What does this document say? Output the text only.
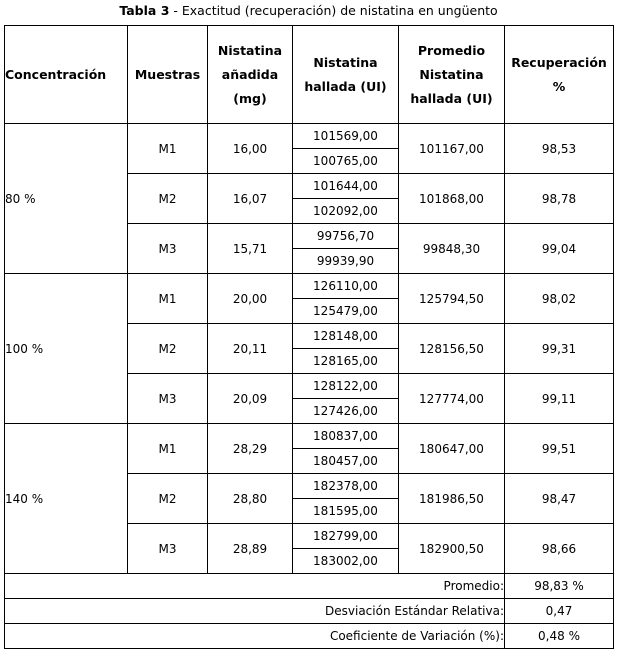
Tabla 3 - Exactitud (recuperación) de nistatina en ungüento
Concentración	Muestras	Nistatina añadida (mg)	Nistatina hallada (UI)	Promedio Nistatina hallada (UI)	Recuperación %
80 %	M1	16,00	101569,00	101167,00	98,53
			100765,00		
	M2	16,07	101644,00	101868,00	98,78
			102092,00		
	M3	15,71	99756,70	99848,30	99,04
			99939,90		
100 %	M1	20,00	126110,00	125794,50	98,02
			125479,00		
	M2	20,11	128148,00	128156,50	99,31
			128165,00		
	M3	20,09	128122,00	127774,00	99,11
			127426,00		
140 %	M1	28,29	180837,00	180647,00	99,51
			180457,00		
	M2	28,80	182378,00	181986,50	98,47
			181595,00		
	M3	28,89	182799,00	182900,50	98,66
			183002,00		
Promedio:					98,83 %
Desviación Estándar Relativa:					0,47
Coeficiente de Variación (%):					0,48 %
